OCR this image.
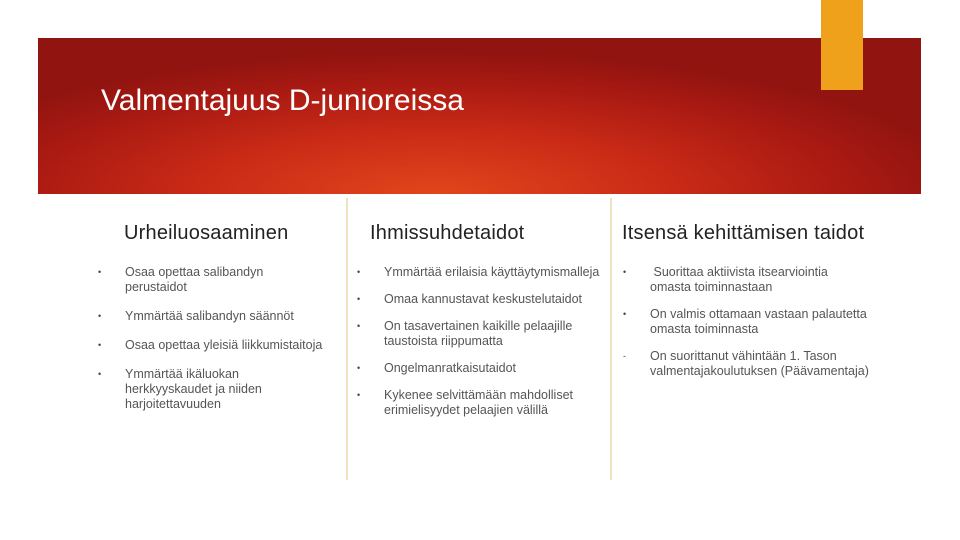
Valmentajuus D-junioreissa
Urheiluosaaminen
• Osaa opettaa salibandyn perustaidot
• Ymmärtää salibandyn säännöt
• Osaa opettaa yleisiä liikkumistaitoja
• Ymmärtää ikäluokan herkkyyskaudet ja niiden harjoitettavuuden
Ihmissuhdetaidot
• Ymmärtää erilaisia käyttäytymismalleja
• Omaa kannustavat keskustelutaidot
• On tasavertainen kaikille pelaajille taustoista riippumatta
• Ongelmanratkaisutaidot
• Kykenee selvittämään mahdolliset erimielisyydet pelaajien välillä
Itsensä kehittämisen taidot
• Suorittaa aktiivista itsearviointia omasta toiminnastaan
• On valmis ottamaan vastaan palautetta omasta toiminnasta
- On suorittanut vähintään 1. Tason valmentajakoulutuksen (Päävamentaja)
